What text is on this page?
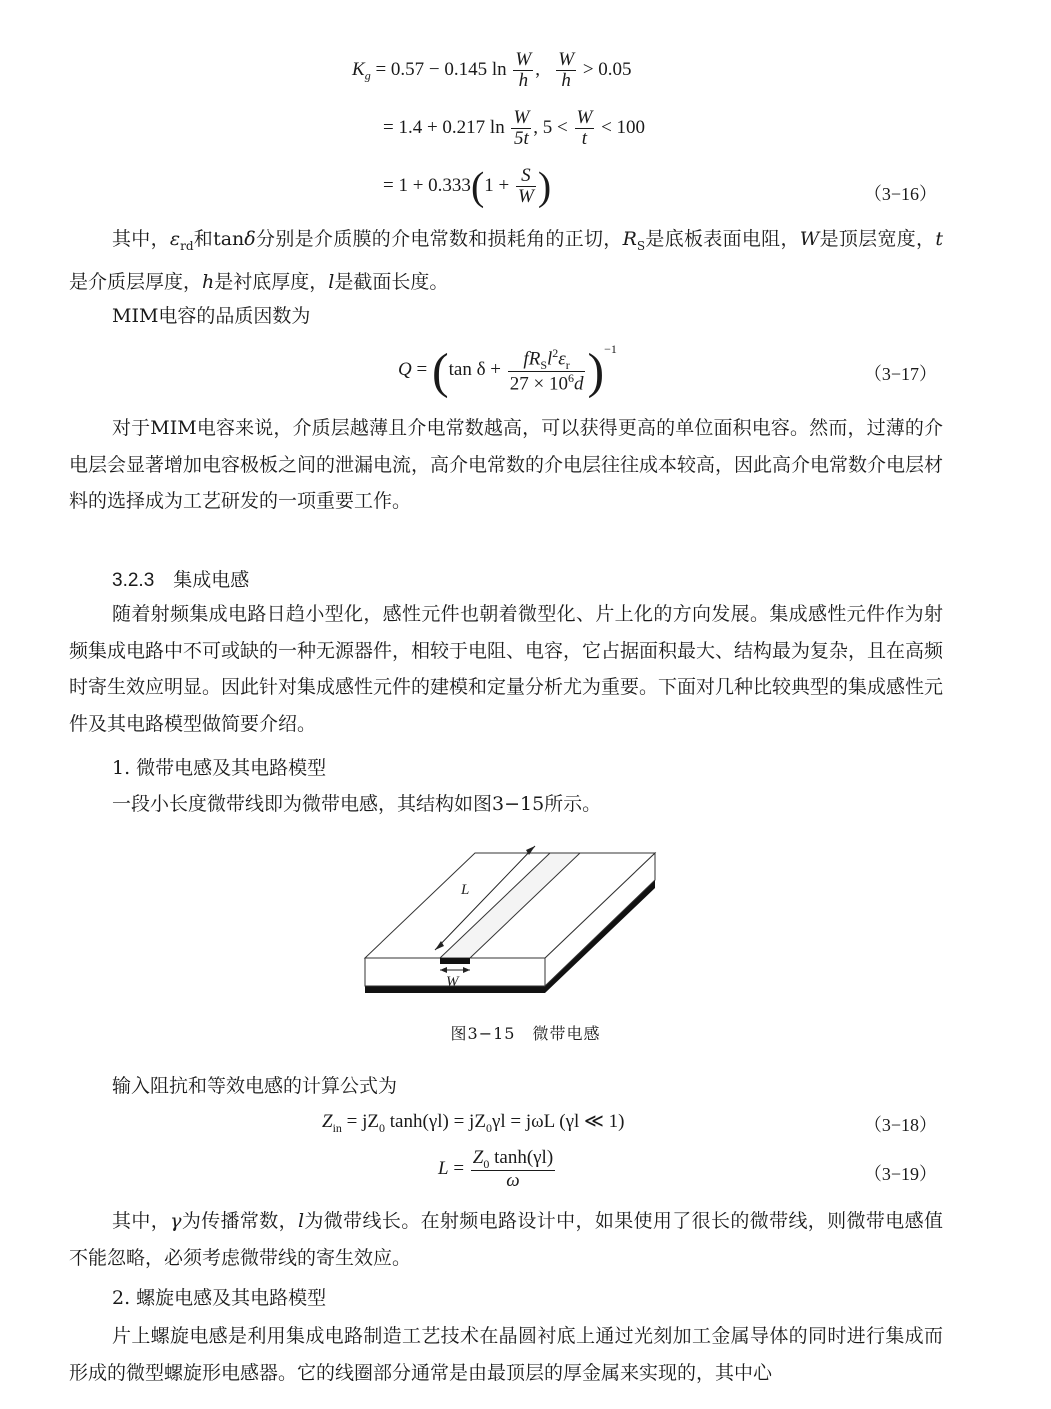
$K_g = 0.57 - 0.145$ $\ln \frac{W}{h}$ , $\frac{W}{h} > 0.05$
= 1.4 + 0.217 $\ln \frac{W}{5t}$ , $5 < \frac{W}{t} < 100$
= $1 + 0.333(1 + \frac{S}{W}$ )	（3−16）
其中，$\varepsilon_{rd}$和tanδ分别是介质膜的介电常数和损耗角的正切，$R_S$是底板表面电阻，W是顶层宽度，t是介质层厚度，h是衬底厚度，l是截面长度。
MIM电容的品质因数为
Q = (tan $\delta + \frac{fR_Sl^2\varepsilon_r}{27 \times 10^6d} )^{-1}$
（3−17）
对于MIM电容来说，介质层越薄且介电常数越高，可以获得更高的单位面积电容。然而，过薄的介电层会显著增加电容极板之间的泄漏电流，高介电常数的介电层往往成本较高，因此高介电常数介电层材料的选择成为工艺研发的一项重要工作。
3.2.3　集成电感
随着射频集成电路日趋小型化，感性元件也朝着微型化、片上化的方向发展。集成感性元件作为射频集成电路中不可或缺的一种无源器件，相较于电阻、电容，它占据面积最大、结构最为复杂，且在高频时寄生效应明显。因此针对集成感性元件的建模和定量分析尤为重要。下面对几种比较典型的集成感性元件及其电路模型做简要介绍。
1. 微带电感及其电路模型
一段小长度微带线即为微带电感，其结构如图3−15所示。
L
W
图3−15　微带电感
输入阻抗和等效电感的计算公式为
$Z_{in} = jZ_0$ $\tanh(\gamma l) = jZ_0\gamma l = j\omega L$ (γl ≪ 1)	（3−18）
$L = \frac{Z_0 \tanh(\gamma l)}{\omega}$	（3−19）
其中，γ为传播常数，l为微带线长。在射频电路设计中，如果使用了很长的微带线，则微带电感值不能忽略，必须考虑微带线的寄生效应。
2. 螺旋电感及其电路模型
片上螺旋电感是利用集成电路制造工艺技术在晶圆衬底上通过光刻加工金属导体的同时进行集成而形成的微型螺旋形电感器。它的线圈部分通常是由最顶层的厚金属来实现的，其中心
